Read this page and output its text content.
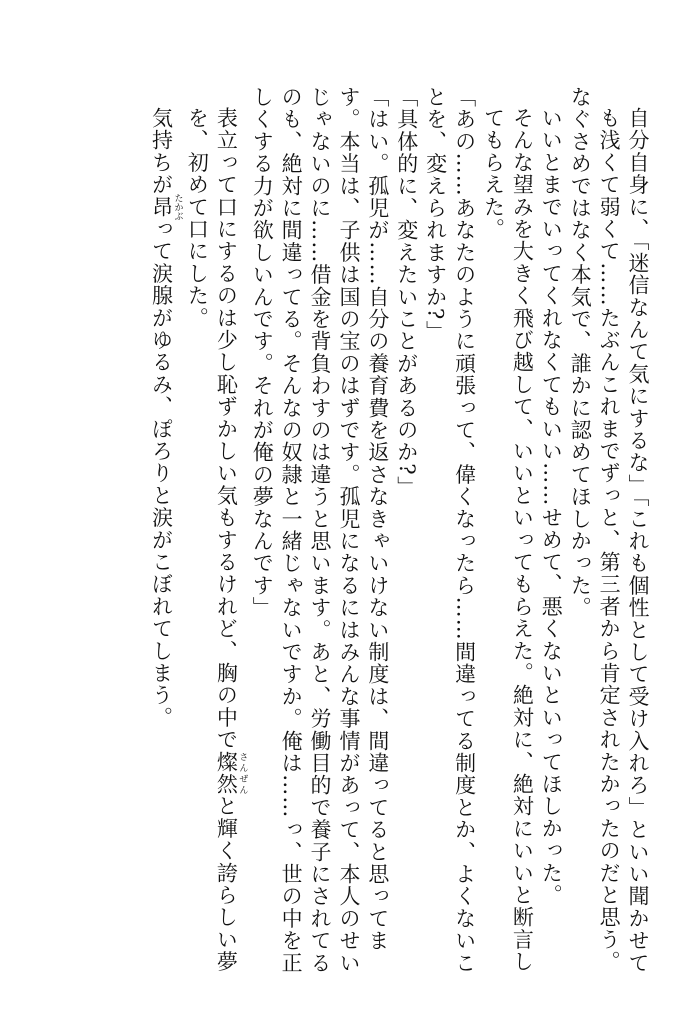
自分自身に、「迷信なんて気にするな」「これも個性として受け入れろ」といい聞かせても浅くて弱くて……たぶんこれまでずっと、第三者から肯定されたかったのだと思う。

なぐさめではなく本気で、誰かに認めてほしかった。

いいとまでいってくれなくてもいい……せめて、悪くないといってほしかった。

そんな望みを大きく飛び越して、いいといってもらえた。絶対に、絶対にいいと断言してもらえた。

「あの……あなたのように頑張って、偉くなったら……間違ってる制度とか、よくないことを、変えられますか?」

「具体的に、変えたいことがあるのか?」

「はい。孤児が……自分の養育費を返さなきゃいけない制度は、間違ってると思ってます。本当は、子供は国の宝のはずです。孤児になるにはみんな事情があって、本人のせいじゃないのに……借金を背負わすのは違うと思います。あと、労働目的で養子にされてるのも、絶対に間違ってる。そんなの奴隷と一緒じゃないですか。俺は……っ、世の中を正しくする力が欲しいんです。それが俺の夢なんです」

表立って口にするのは少し恥ずかしい気もするけれど、胸の中で燦然 さんぜんと輝く誇らしい夢を、初めて口にした。

気持ちが昂 たかぶって涙腺がゆるみ、ぽろりと涙がこぼれてしまう。
